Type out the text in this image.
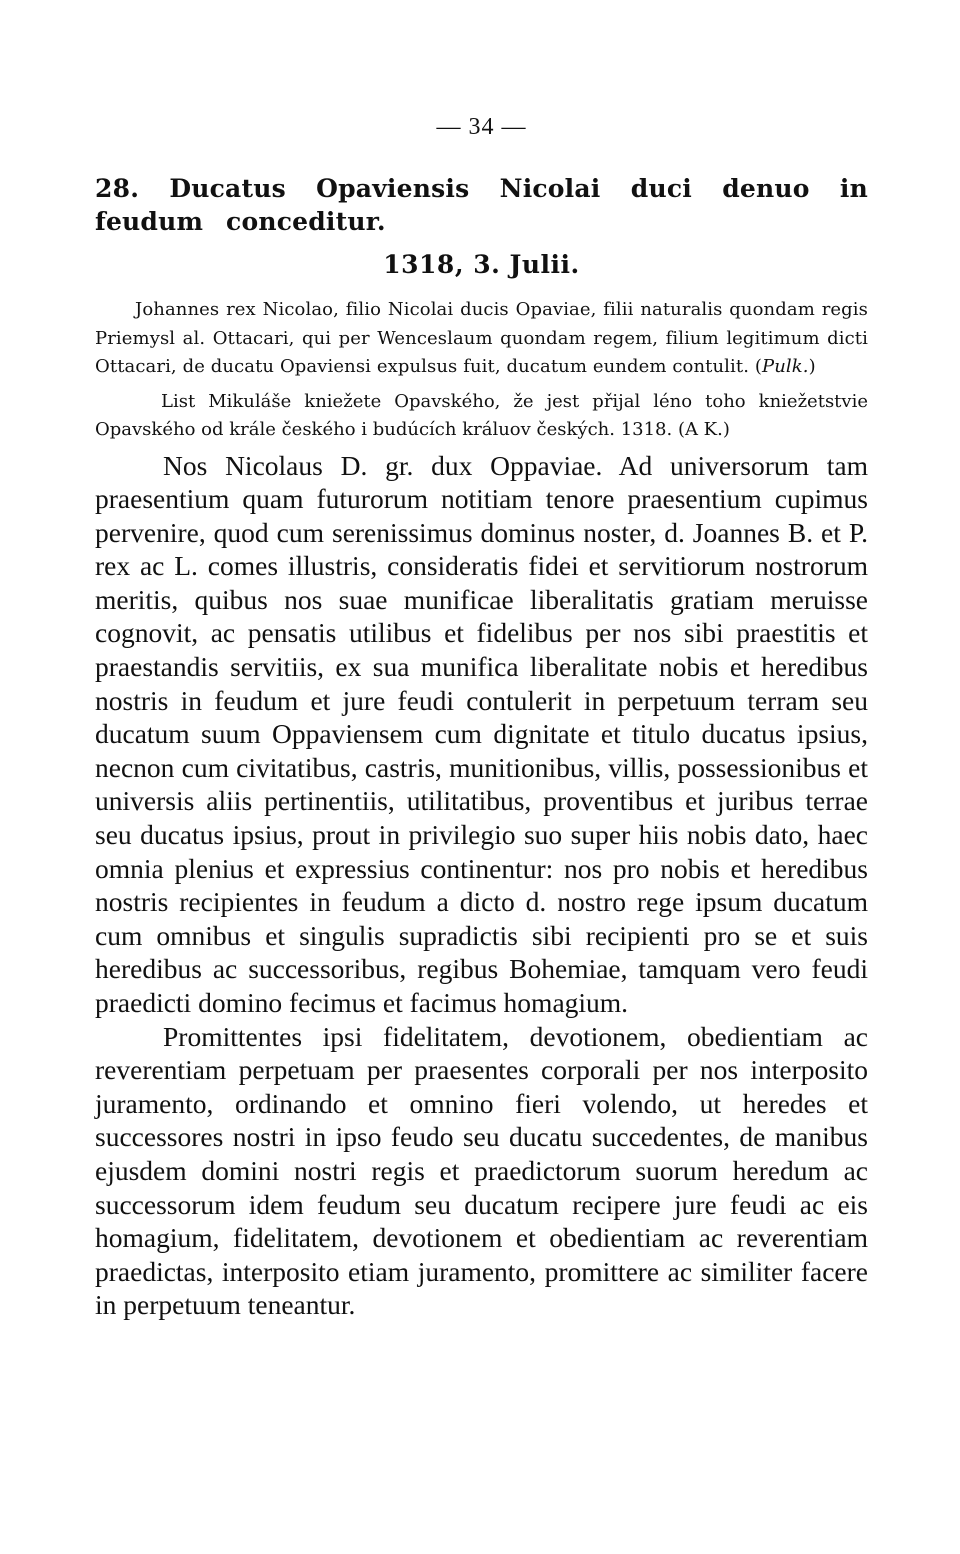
— 34 —
28. Ducatus Opaviensis Nicolai duci denuo in feudum conceditur.
1318, 3. Julii.

Johannes rex Nicolao, filio Nicolai ducis Opaviae, filii naturalis quondam regis Priemysl al. Ottacari, qui per Wenceslaum quondam regem, filium legitimum dicti Ottacari, de ducatu Opaviensi expulsus fuit, ducatum eundem contulit. (Pulk.)

List Mikuláše kniežete Opavského, že jest přijal léno toho kniežetstvie Opavského od krále českého i budúcích králuov českých. 1318. (A K.)

Nos Nicolaus D. gr. dux Oppaviae. Ad universorum tam praesentium quam futurorum notitiam tenore praesentium cupimus pervenire, quod cum serenissimus dominus noster, d. Joannes B. et P. rex ac L. comes illustris, consideratis fidei et servitiorum nostrorum meritis, quibus nos suae munificae liberalitatis gratiam meruisse cognovit, ac pensatis utilibus et fidelibus per nos sibi praestitis et praestandis servitiis, ex sua munifica liberalitate nobis et heredibus nostris in feudum et jure feudi contulerit in perpetuum terram seu ducatum suum Oppaviensem cum dignitate et titulo ducatus ipsius, necnon cum civitatibus, castris, munitionibus, villis, possessionibus et universis aliis pertinentiis, utilitatibus, proventibus et juribus terrae seu ducatus ipsius, prout in privilegio suo super hiis nobis dato, haec omnia plenius et expressius continentur: nos pro nobis et heredibus nostris recipientes in feudum a dicto d. nostro rege ipsum ducatum cum omnibus et singulis supradictis sibi recipienti pro se et suis heredibus ac successoribus, regibus Bohemiae, tamquam vero feudi praedicti domino fecimus et facimus homagium.

Promittentes ipsi fidelitatem, devotionem, obedientiam ac reverentiam perpetuam per praesentes corporali per nos interposito juramento, ordinando et omnino fieri volendo, ut heredes et successores nostri in ipso feudo seu ducatu succedentes, de manibus ejusdem domini nostri regis et praedictorum suorum heredum ac successorum idem feudum seu ducatum recipere jure feudi ac eis homagium, fidelitatem, devotionem et obedientiam ac reverentiam praedictas, interposito etiam juramento, promittere ac similiter facere in perpetuum teneantur.
